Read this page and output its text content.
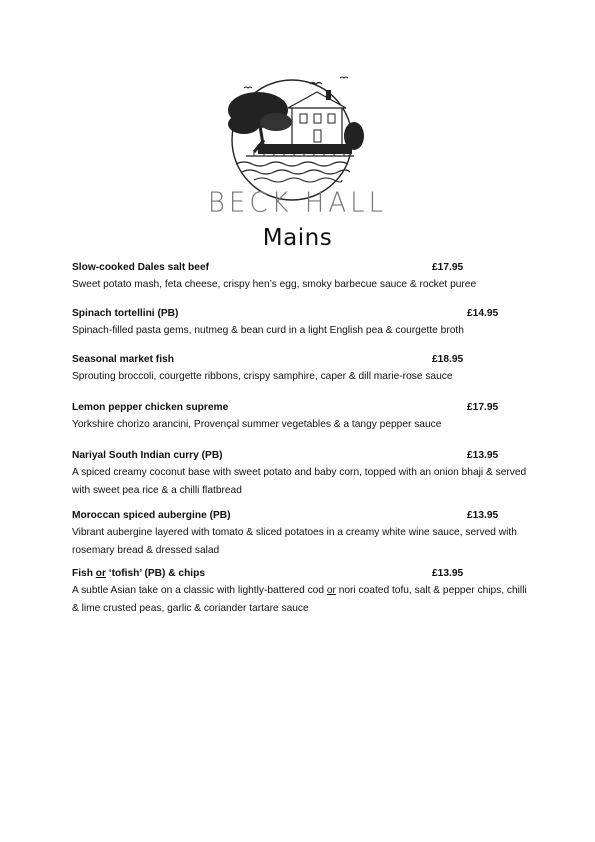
BECK HALL
Mains
Slow-cooked Dales salt beef	£17.95
Sweet potato mash, feta cheese, crispy hen’s egg, smoky barbecue sauce & rocket puree
Spinach tortellini (PB)	£14.95
Spinach-filled pasta gems, nutmeg & bean curd in a light English pea & courgette broth
Seasonal market fish	£18.95
Sprouting broccoli, courgette ribbons, crispy samphire, caper & dill marie-rose sauce
Lemon pepper chicken supreme	£17.95
Yorkshire chorizo arancini, Provençal summer vegetables & a tangy pepper sauce
Nariyal South Indian curry (PB)	£13.95
A spiced creamy coconut base with sweet potato and baby corn, topped with an onion bhaji & served with sweet pea rice & a chilli flatbread
Moroccan spiced aubergine (PB)	£13.95
Vibrant aubergine layered with tomato & sliced potatoes in a creamy white wine sauce, served with rosemary bread & dressed salad
Fish or ‘tofish’ (PB) & chips	£13.95
A subtle Asian take on a classic with lightly-battered cod or nori coated tofu, salt & pepper chips, chilli & lime crusted peas, garlic & coriander tartare sauce
